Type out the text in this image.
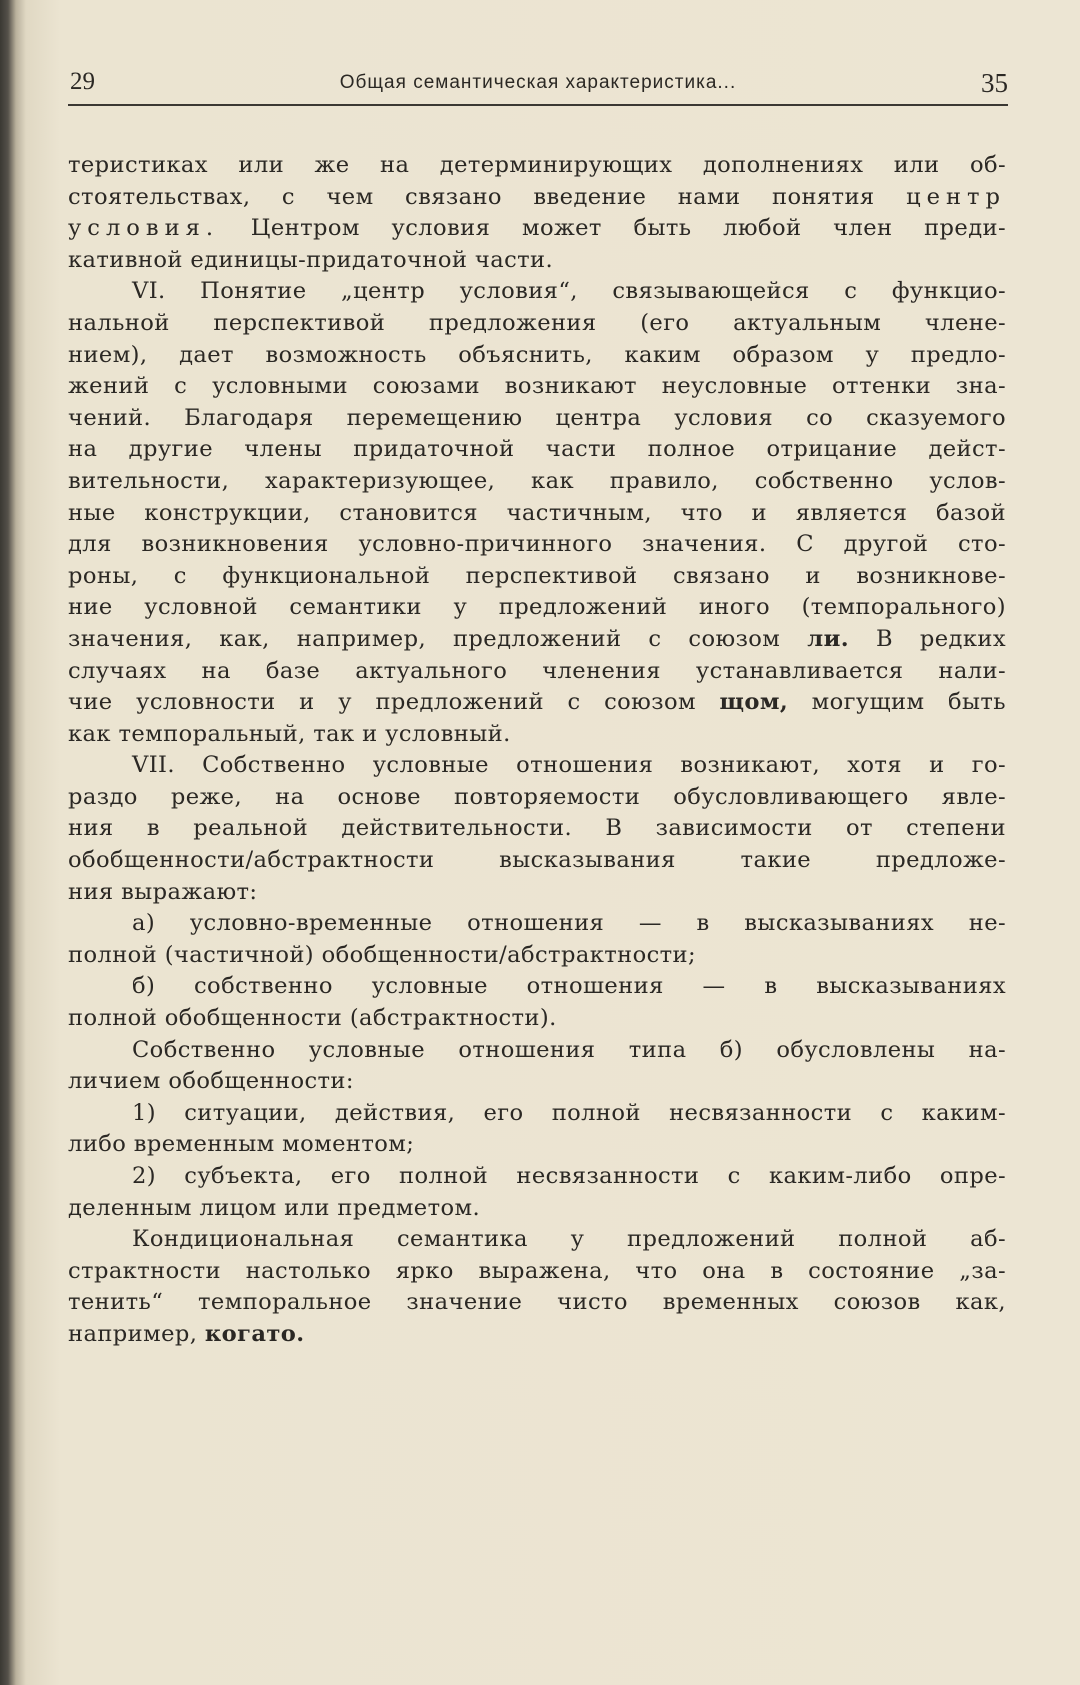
29	Общая семантическая характеристика...	35
теристиках или же на детерминирующих дополнениях или об-
стоятельствах, с чем связано введение нами понятия центр
условия. Центром условия может быть любой член преди-
кативной единицы-придаточной части.
VI. Понятие „центр условия“, связывающейся с функцио-
нальной перспективой предложения (его актуальным члене-
нием), дает возможность объяснить, каким образом у предло-
жений с условными союзами возникают неусловные оттенки зна-
чений. Благодаря перемещению центра условия со сказуемого
на другие члены придаточной части полное отрицание дейст-
вительности, характеризующее, как правило, собственно услов-
ные конструкции, становится частичным, что и является базой
для возникновения условно-причинного значения. С другой сто-
роны, с функциональной перспективой связано и возникнове-
ние условной семантики у предложений иного (темпорального)
значения, как, например, предложений с союзом ли. В редких
случаях на базе актуального членения устанавливается нали-
чие условности и у предложений с союзом щом, могущим быть
как темпоральный, так и условный.
VII. Собственно условные отношения возникают, хотя и го-
раздо реже, на основе повторяемости обусловливающего явле-
ния в реальной действительности. В зависимости от степени
обобщенности/абстрактности высказывания такие предложе-
ния выражают:
а) условно-временные отношения — в высказываниях не-
полной (частичной) обобщенности/абстрактности;
б) собственно условные отношения — в высказываниях
полной обобщенности (абстрактности).
Собственно условные отношения типа б) обусловлены на-
личием обобщенности:
1) ситуации, действия, его полной несвязанности с каким-
либо временным моментом;
2) субъекта, его полной несвязанности с каким-либо опре-
деленным лицом или предметом.
Кондициональная семантика у предложений полной аб-
страктности настолько ярко выражена, что она в состояние „за-
тенить“ темпоральное значение чисто временных союзов как,
например, когато.
